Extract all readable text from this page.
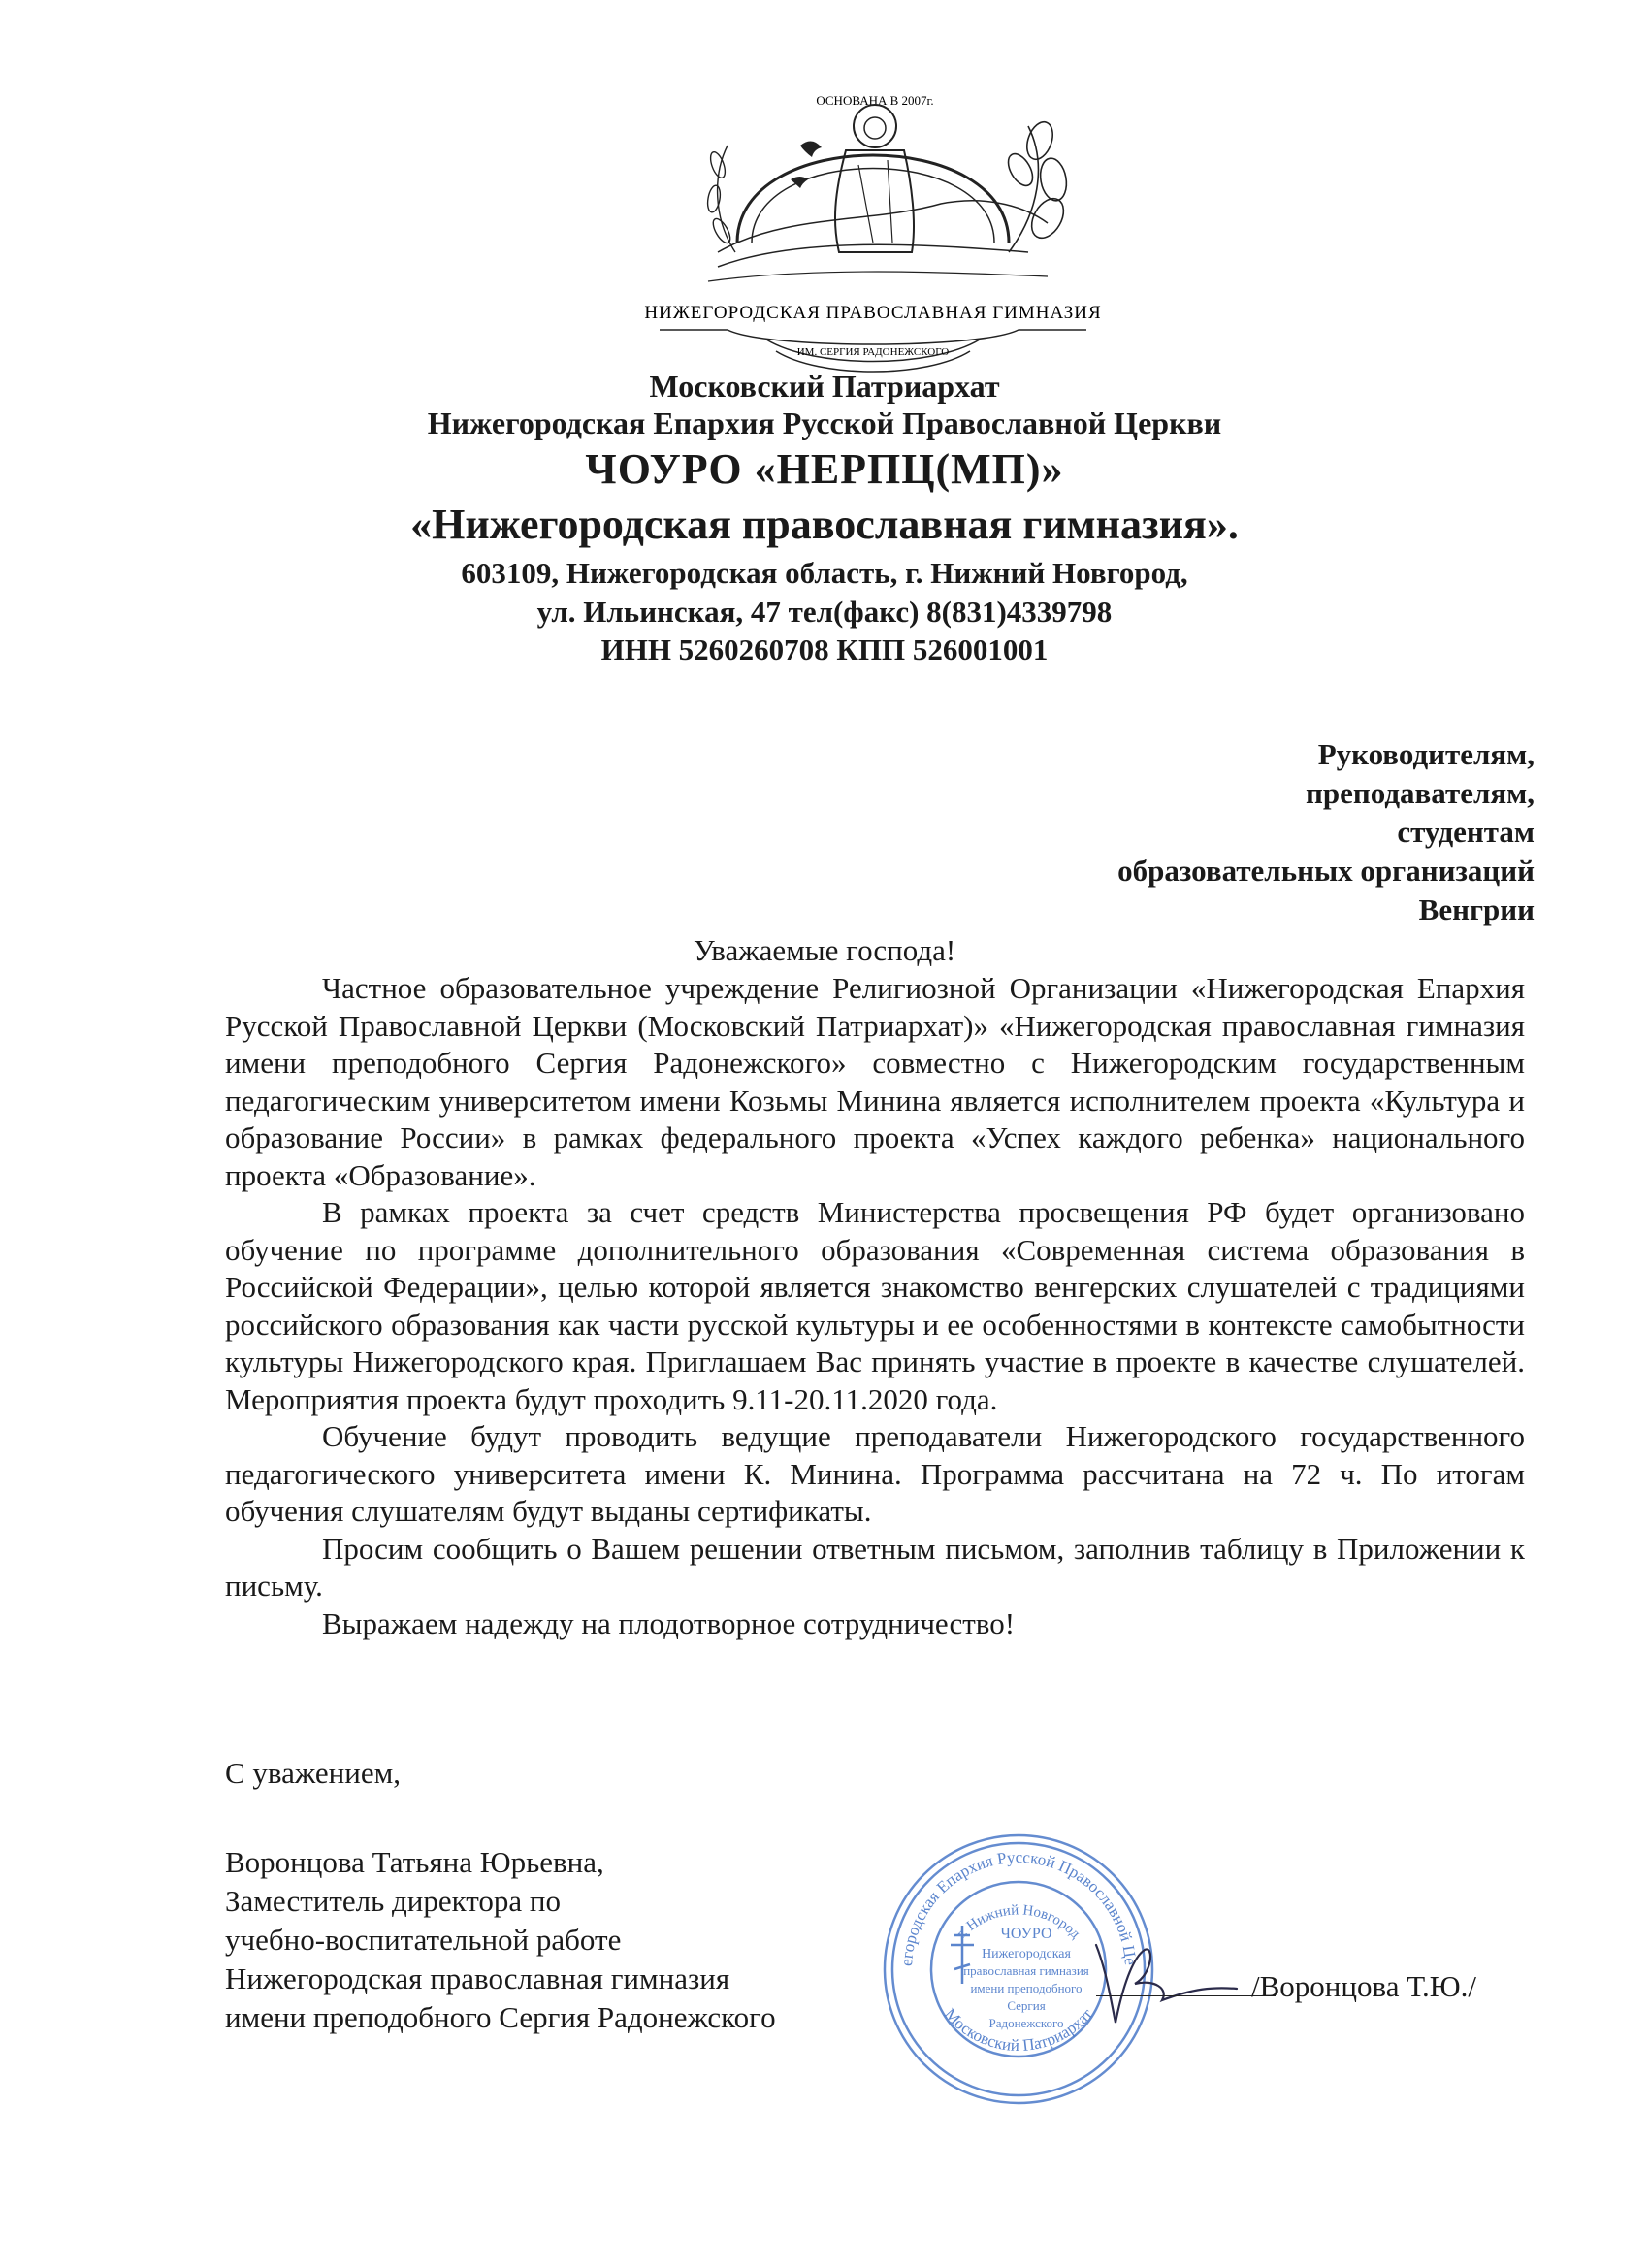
ОСНОВАНА В 2007г.
НИЖЕГОРОДСКАЯ ПРАВОСЛАВНАЯ ГИМНАЗИЯ
ИМ. СЕРГИЯ РАДОНЕЖСКОГО
Московский Патриархат
Нижегородская Епархия Русской Православной Церкви
ЧОУРО «НЕРПЦ(МП)»
«Нижегородская православная гимназия».
603109, Нижегородская область, г. Нижний Новгород,
ул. Ильинская, 47 тел(факс) 8(831)4339798
ИНН 5260260708 КПП 526001001
Руководителям,
преподавателям,
студентам
образовательных организаций
Венгрии
Уважаемые господа!

Частное образовательное учреждение Религиозной Организации «Нижегородская Епархия Русской Православной Церкви (Московский Патриархат)» «Нижегородская православная гимназия имени преподобного Сергия Радонежского» совместно с Нижегородским государственным педагогическим университетом имени Козьмы Минина является исполнителем проекта «Культура и образование России» в рамках федерального проекта «Успех каждого ребенка» национального проекта «Образование».

В рамках проекта за счет средств Министерства просвещения РФ будет организовано обучение по программе дополнительного образования «Современная система образования в Российской Федерации», целью которой является знакомство венгерских слушателей с традициями российского образования как части русской культуры и ее особенностями в контексте самобытности культуры Нижегородского края. Приглашаем Вас принять участие в проекте в качестве слушателей. Мероприятия проекта будут проходить 9.11-20.11.2020 года.

Обучение будут проводить ведущие преподаватели Нижегородского государственного педагогического университета имени К. Минина. Программа рассчитана на 72 ч. По итогам обучения слушателям будут выданы сертификаты.

Просим сообщить о Вашем решении ответным письмом, заполнив таблицу в Приложении к письму.

Выражаем надежду на плодотворное сотрудничество!

С уважением,
Воронцова Татьяна Юрьевна,
Заместитель директора по
учебно-воспитательной работе
Нижегородская православная гимназия
имени преподобного Сергия Радонежского
егородская Епархия Русской Православной Це
Московский Патриархат
г. Нижний Новгород
ЧОУРО
Нижегородская
православная гимназия
имени преподобного
Сергия
Радонежского
/Воронцова Т.Ю./
